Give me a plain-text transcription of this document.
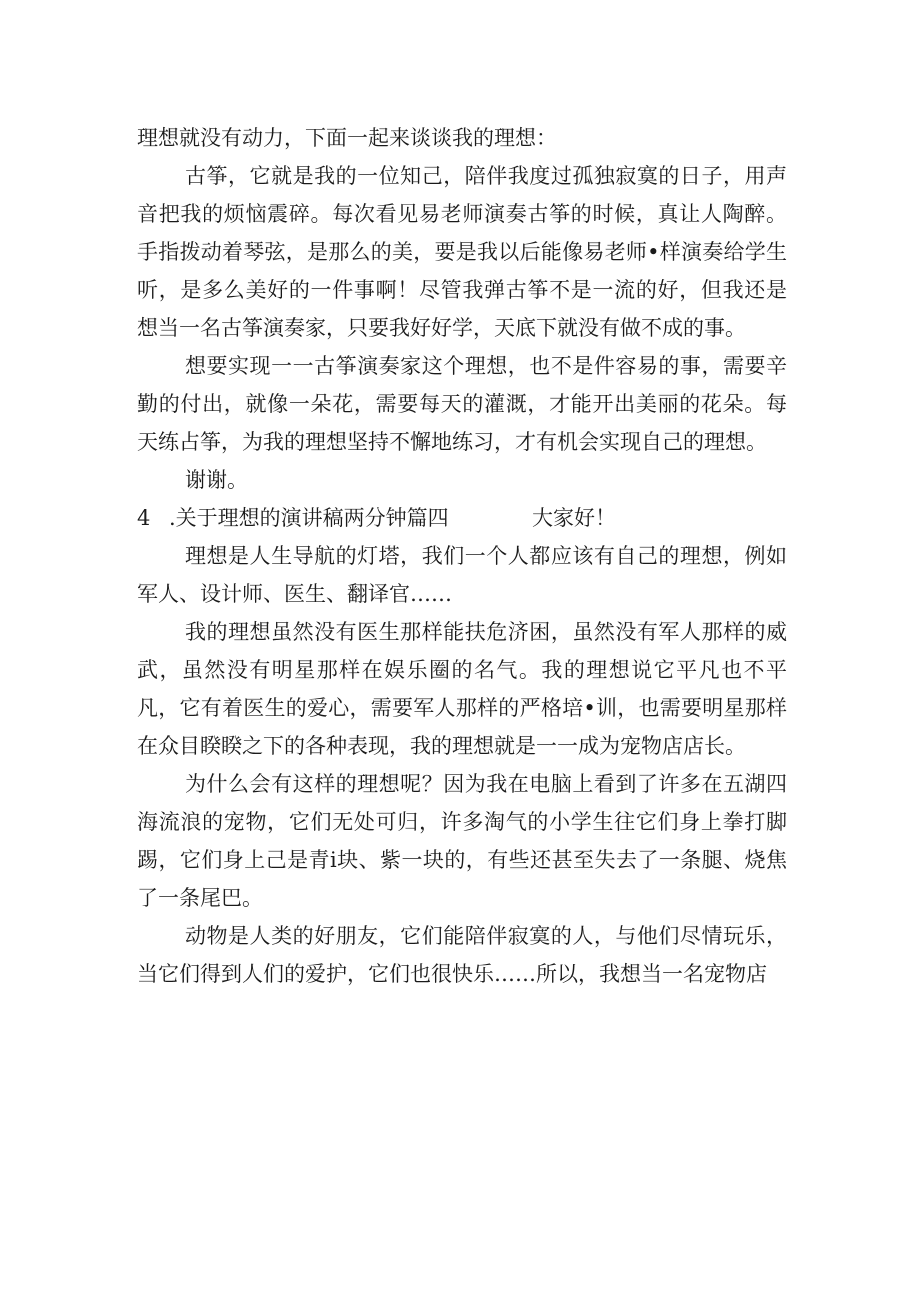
理想就没有动力，下面一起来谈谈我的理想：

古筝，它就是我的一位知己，陪伴我度过孤独寂寞的日子，用声音把我的烦恼震碎。每次看见易老师演奏古筝的时候，真让人陶醉。手指拨动着琴弦，是那么的美，要是我以后能像易老师•样演奏给学生听，是多么美好的一件事啊！尽管我弹古筝不是一流的好，但我还是想当一名古筝演奏家，只要我好好学，天底下就没有做不成的事。

想要实现一一古筝演奏家这个理想，也不是件容易的事，需要辛勤的付出，就像一朵花，需要每天的灌溉，才能开出美丽的花朵。每天练占筝，为我的理想坚持不懈地练习，才有机会实现自己的理想。

谢谢。

4 .关于理想的演讲稿两分钟篇四	大家好！

理想是人生导航的灯塔，我们一个人都应该有自己的理想，例如军人、设计师、医生、翻译官……

我的理想虽然没有医生那样能扶危济困，虽然没有军人那样的威武，虽然没有明星那样在娱乐圈的名气。我的理想说它平凡也不平凡，它有着医生的爱心，需要军人那样的严格培•训，也需要明星那样在众目睽睽之下的各种表现，我的理想就是一一成为宠物店店长。

为什么会有这样的理想呢？因为我在电脑上看到了许多在五湖四海流浪的宠物，它们无处可归，许多淘气的小学生往它们身上拳打脚踢，它们身上己是青i块、紫一块的，有些还甚至失去了一条腿、烧焦了一条尾巴。

动物是人类的好朋友，它们能陪伴寂寞的人，与他们尽情玩乐，当它们得到人们的爱护，它们也很快乐……所以，我想当一名宠物店
